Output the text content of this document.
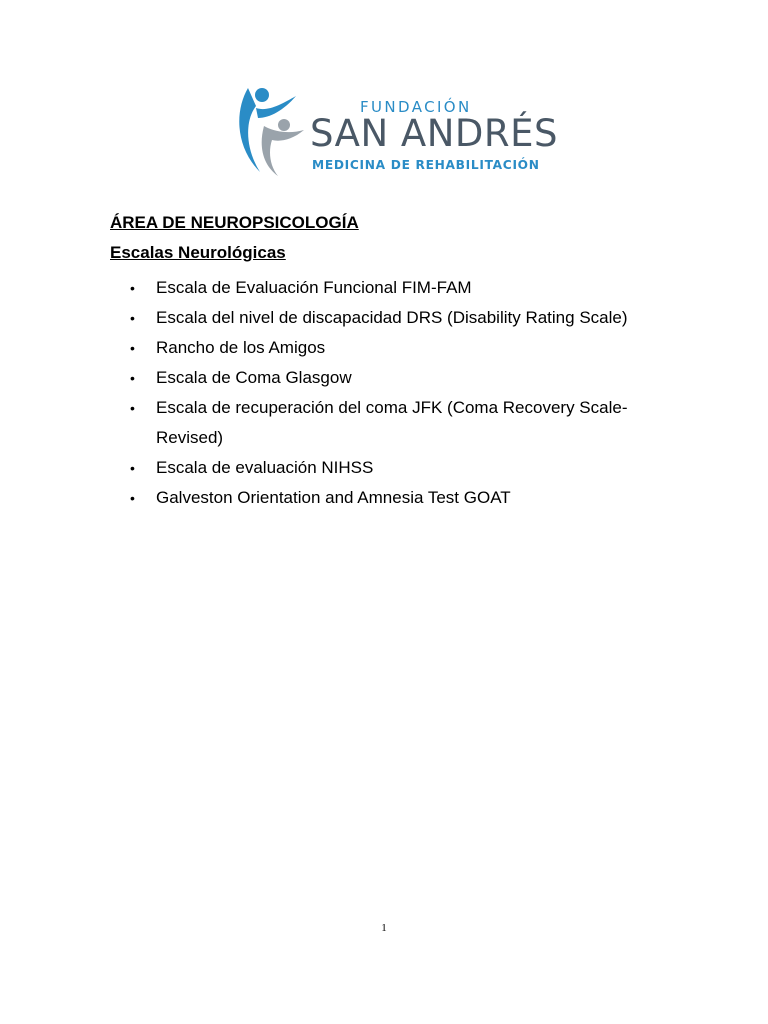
FUNDACIÓN
SAN ANDRÉS
MEDICINA DE REHABILITACIÓN
ÁREA DE NEUROPSICOLOGÍA
Escalas Neurológicas
• Escala de Evaluación Funcional FIM-FAM
• Escala del nivel de discapacidad DRS (Disability Rating Scale)
• Rancho de los Amigos
• Escala de Coma Glasgow
• Escala de recuperación del coma JFK (Coma Recovery Scale-Revised)
• Escala de evaluación NIHSS
• Galveston Orientation and Amnesia Test GOAT
1
